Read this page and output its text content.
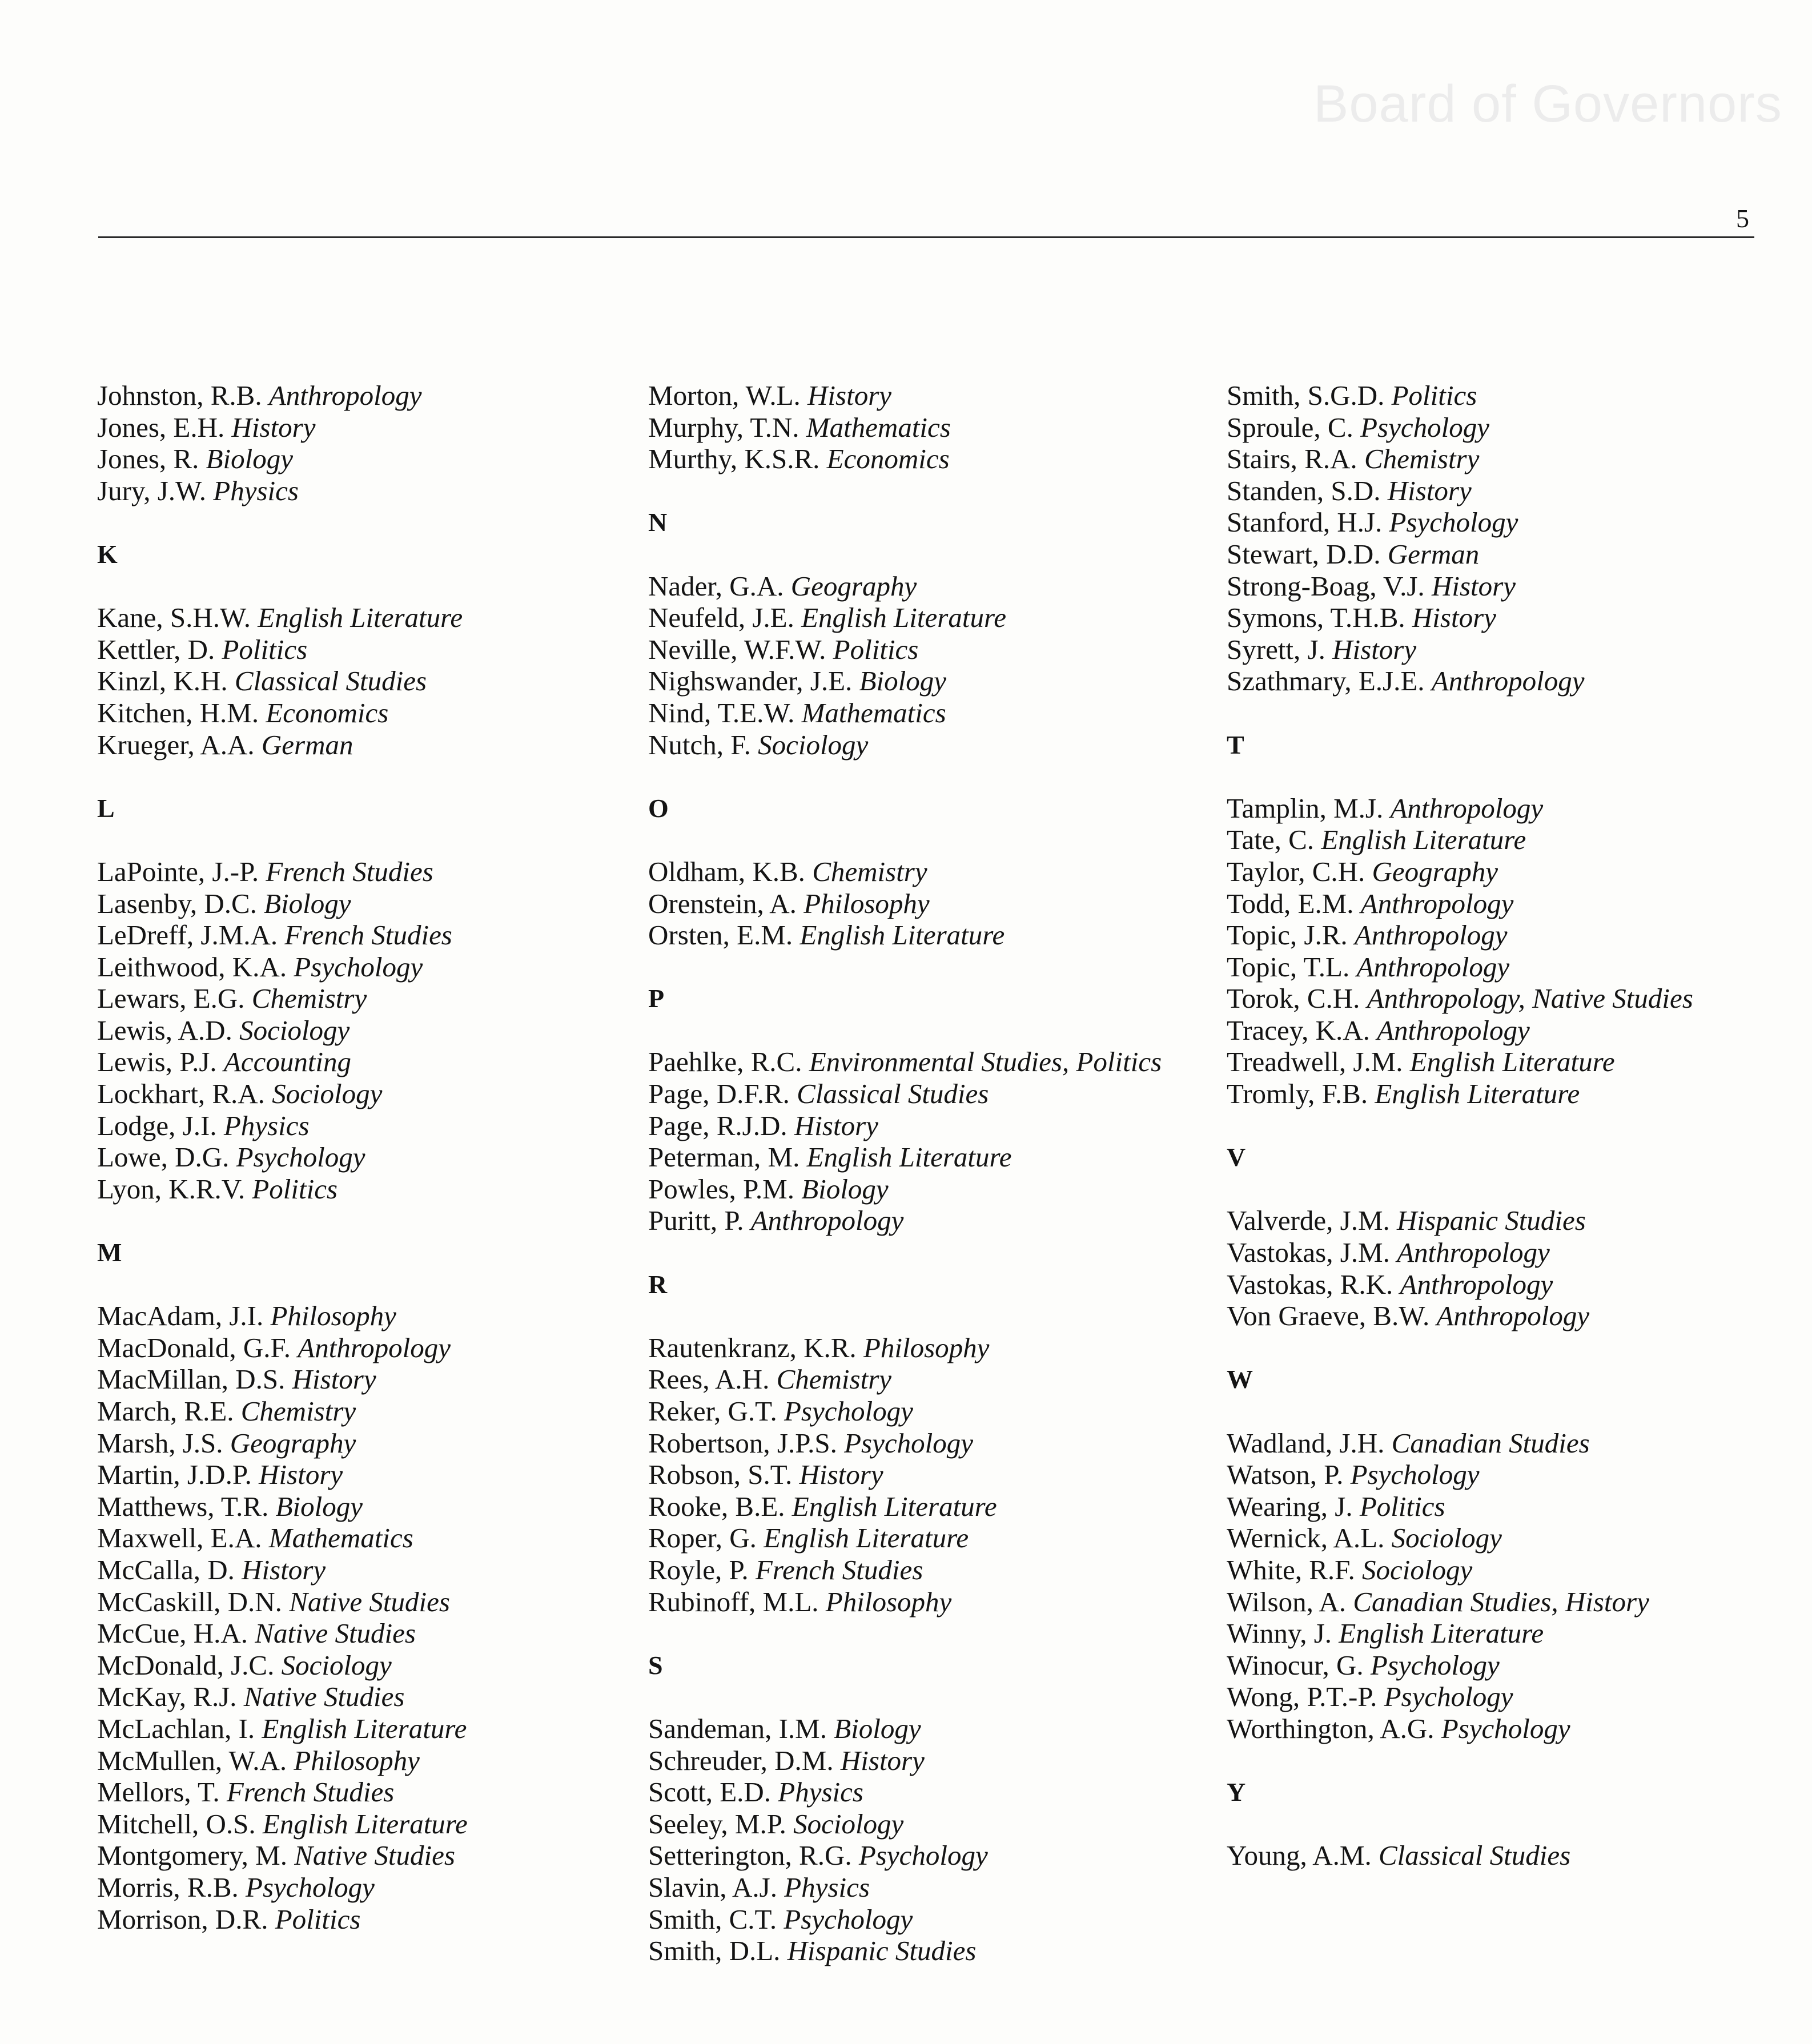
Board of Governors
5
Johnston, R.B. Anthropology
Jones, E.H. History
Jones, R. Biology
Jury, J.W. Physics
K
Kane, S.H.W. English Literature
Kettler, D. Politics
Kinzl, K.H. Classical Studies
Kitchen, H.M. Economics
Krueger, A.A. German
L
LaPointe, J.-P. French Studies
Lasenby, D.C. Biology
LeDreff, J.M.A. French Studies
Leithwood, K.A. Psychology
Lewars, E.G. Chemistry
Lewis, A.D. Sociology
Lewis, P.J. Accounting
Lockhart, R.A. Sociology
Lodge, J.I. Physics
Lowe, D.G. Psychology
Lyon, K.R.V. Politics
M
MacAdam, J.I. Philosophy
MacDonald, G.F. Anthropology
MacMillan, D.S. History
March, R.E. Chemistry
Marsh, J.S. Geography
Martin, J.D.P. History
Matthews, T.R. Biology
Maxwell, E.A. Mathematics
McCalla, D. History
McCaskill, D.N. Native Studies
McCue, H.A. Native Studies
McDonald, J.C. Sociology
McKay, R.J. Native Studies
McLachlan, I. English Literature
McMullen, W.A. Philosophy
Mellors, T. French Studies
Mitchell, O.S. English Literature
Montgomery, M. Native Studies
Morris, R.B. Psychology
Morrison, D.R. Politics
Morton, W.L. History
Murphy, T.N. Mathematics
Murthy, K.S.R. Economics
N
Nader, G.A. Geography
Neufeld, J.E. English Literature
Neville, W.F.W. Politics
Nighswander, J.E. Biology
Nind, T.E.W. Mathematics
Nutch, F. Sociology
O
Oldham, K.B. Chemistry
Orenstein, A. Philosophy
Orsten, E.M. English Literature
P
Paehlke, R.C. Environmental Studies, Politics
Page, D.F.R. Classical Studies
Page, R.J.D. History
Peterman, M. English Literature
Powles, P.M. Biology
Puritt, P. Anthropology
R
Rautenkranz, K.R. Philosophy
Rees, A.H. Chemistry
Reker, G.T. Psychology
Robertson, J.P.S. Psychology
Robson, S.T. History
Rooke, B.E. English Literature
Roper, G. English Literature
Royle, P. French Studies
Rubinoff, M.L. Philosophy
S
Sandeman, I.M. Biology
Schreuder, D.M. History
Scott, E.D. Physics
Seeley, M.P. Sociology
Setterington, R.G. Psychology
Slavin, A.J. Physics
Smith, C.T. Psychology
Smith, D.L. Hispanic Studies
Smith, S.G.D. Politics
Sproule, C. Psychology
Stairs, R.A. Chemistry
Standen, S.D. History
Stanford, H.J. Psychology
Stewart, D.D. German
Strong-Boag, V.J. History
Symons, T.H.B. History
Syrett, J. History
Szathmary, E.J.E. Anthropology
T
Tamplin, M.J. Anthropology
Tate, C. English Literature
Taylor, C.H. Geography
Todd, E.M. Anthropology
Topic, J.R. Anthropology
Topic, T.L. Anthropology
Torok, C.H. Anthropology, Native Studies
Tracey, K.A. Anthropology
Treadwell, J.M. English Literature
Tromly, F.B. English Literature
V
Valverde, J.M. Hispanic Studies
Vastokas, J.M. Anthropology
Vastokas, R.K. Anthropology
Von Graeve, B.W. Anthropology
W
Wadland, J.H. Canadian Studies
Watson, P. Psychology
Wearing, J. Politics
Wernick, A.L. Sociology
White, R.F. Sociology
Wilson, A. Canadian Studies, History
Winny, J. English Literature
Winocur, G. Psychology
Wong, P.T.-P. Psychology
Worthington, A.G. Psychology
Y
Young, A.M. Classical Studies
